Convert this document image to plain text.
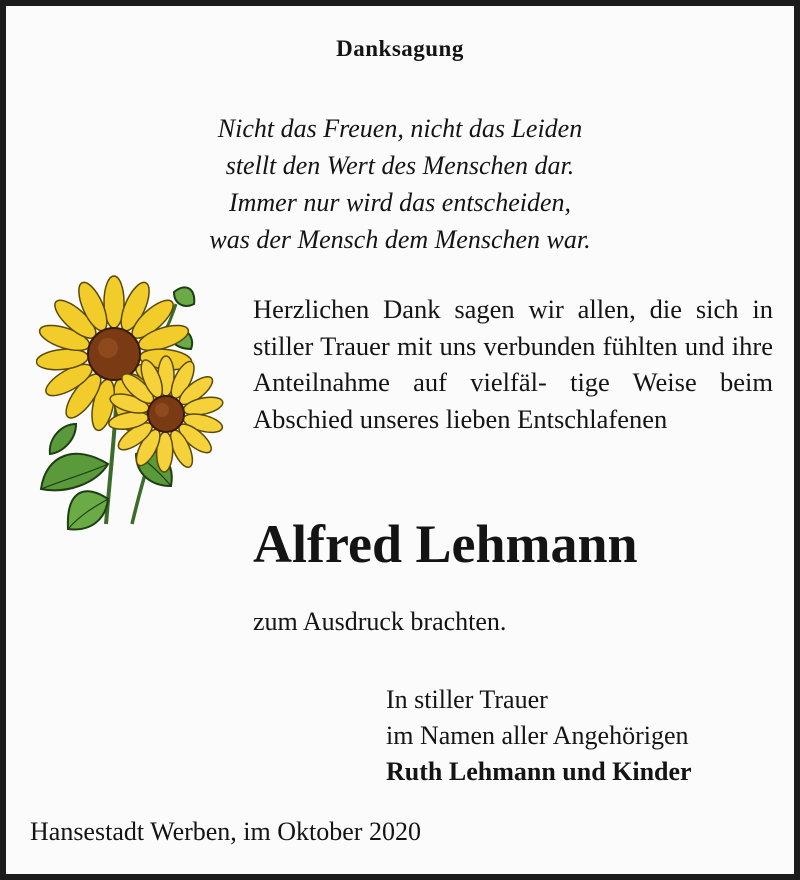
Danksagung
Nicht das Freuen, nicht das Leiden
stellt den Wert des Menschen dar.
Immer nur wird das entscheiden,
was der Mensch dem Menschen war.
Herzlichen Dank sagen wir allen, die sich in stiller Trauer mit uns verbunden fühlten und ihre Anteilnahme auf vielfäl- tige Weise beim Abschied unseres lieben Entschlafenen
Alfred Lehmann
zum Ausdruck brachten.
In stiller Trauer
im Namen aller Angehörigen
Ruth Lehmann und Kinder
Hansestadt Werben, im Oktober 2020
